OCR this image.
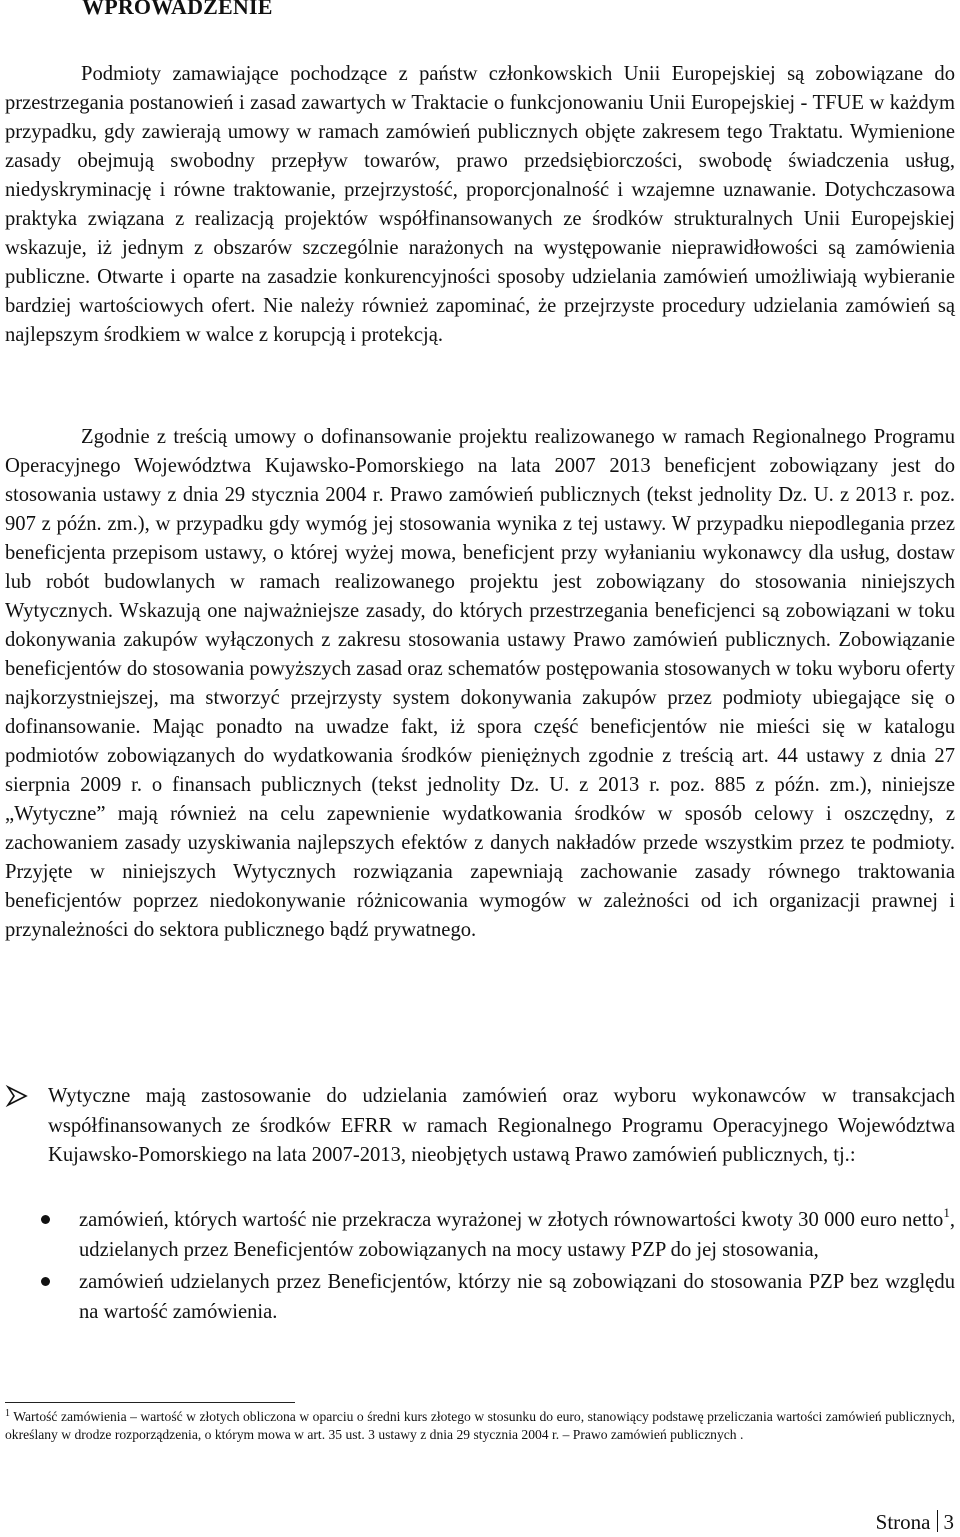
WPROWADZENIE

Podmioty zamawiające pochodzące z państw członkowskich Unii Europejskiej są zobowiązane do przestrzegania postanowień i zasad zawartych w Traktacie o funkcjonowaniu Unii Europejskiej - TFUE w każdym przypadku, gdy zawierają umowy w ramach zamówień publicznych objęte zakresem tego Traktatu. Wymienione zasady obejmują swobodny przepływ towarów, prawo przedsiębiorczości, swobodę świadczenia usług, niedyskryminację i równe traktowanie, przejrzystość, proporcjonalność i wzajemne uznawanie. Dotychczasowa praktyka związana z realizacją projektów współfinansowanych ze środków strukturalnych Unii Europejskiej wskazuje, iż jednym z obszarów szczególnie narażonych na występowanie nieprawidłowości są zamówienia publiczne. Otwarte i oparte na zasadzie konkurencyjności sposoby udzielania zamówień umożliwiają wybieranie bardziej wartościowych ofert. Nie należy również zapominać, że przejrzyste procedury udzielania zamówień są najlepszym środkiem w walce z korupcją i protekcją.

Zgodnie z treścią umowy o dofinansowanie projektu realizowanego w ramach Regionalnego Programu Operacyjnego Województwa Kujawsko-Pomorskiego na lata 2007 2013 beneficjent zobowiązany jest do stosowania ustawy z dnia 29 stycznia 2004 r. Prawo zamówień publicznych (tekst jednolity Dz. U. z 2013 r. poz. 907 z późn. zm.), w przypadku gdy wymóg jej stosowania wynika z tej ustawy. W przypadku niepodlegania przez beneficjenta przepisom ustawy, o której wyżej mowa, beneficjent przy wyłanianiu wykonawcy dla usług, dostaw lub robót budowlanych w ramach realizowanego projektu jest zobowiązany do stosowania niniejszych Wytycznych. Wskazują one najważniejsze zasady, do których przestrzegania beneficjenci są zobowiązani w toku dokonywania zakupów wyłączonych z zakresu stosowania ustawy Prawo zamówień publicznych. Zobowiązanie beneficjentów do stosowania powyższych zasad oraz schematów postępowania stosowanych w toku wyboru oferty najkorzystniejszej, ma stworzyć przejrzysty system dokonywania zakupów przez podmioty ubiegające się o dofinansowanie. Mając ponadto na uwadze fakt, iż spora część beneficjentów nie mieści się w katalogu podmiotów zobowiązanych do wydatkowania środków pieniężnych zgodnie z treścią art. 44 ustawy z dnia 27 sierpnia 2009 r. o finansach publicznych (tekst jednolity Dz. U. z 2013 r. poz. 885 z późn. zm.), niniejsze „Wytyczne” mają również na celu zapewnienie wydatkowania środków w sposób celowy i oszczędny, z zachowaniem zasady uzyskiwania najlepszych efektów z danych nakładów przede wszystkim przez te podmioty. Przyjęte w niniejszych Wytycznych rozwiązania zapewniają zachowanie zasady równego traktowania beneficjentów poprzez niedokonywanie różnicowania wymogów w zależności od ich organizacji prawnej i przynależności do sektora publicznego bądź prywatnego.

Wytyczne mają zastosowanie do udzielania zamówień oraz wyboru wykonawców w transakcjach współfinansowanych ze środków EFRR w ramach Regionalnego Programu Operacyjnego Województwa Kujawsko-Pomorskiego na lata 2007-2013, nieobjętych ustawą Prawo zamówień publicznych, tj.:

zamówień, których wartość nie przekracza wyrażonej w złotych równowartości kwoty 30 000 euro netto$^1$, udzielanych przez Beneficjentów zobowiązanych na mocy ustawy PZP do jej stosowania,
zamówień udzielanych przez Beneficjentów, którzy nie są zobowiązani do stosowania PZP bez względu na wartość zamówienia.

$^1$ Wartość zamówienia – wartość w złotych obliczona w oparciu o średni kurs złotego w stosunku do euro, stanowiący podstawę przeliczania wartości zamówień publicznych, określany w drodze rozporządzenia, o którym mowa w art. 35 ust. 3 ustawy z dnia 29 stycznia 2004 r. – Prawo zamówień publicznych .

Strona 3
